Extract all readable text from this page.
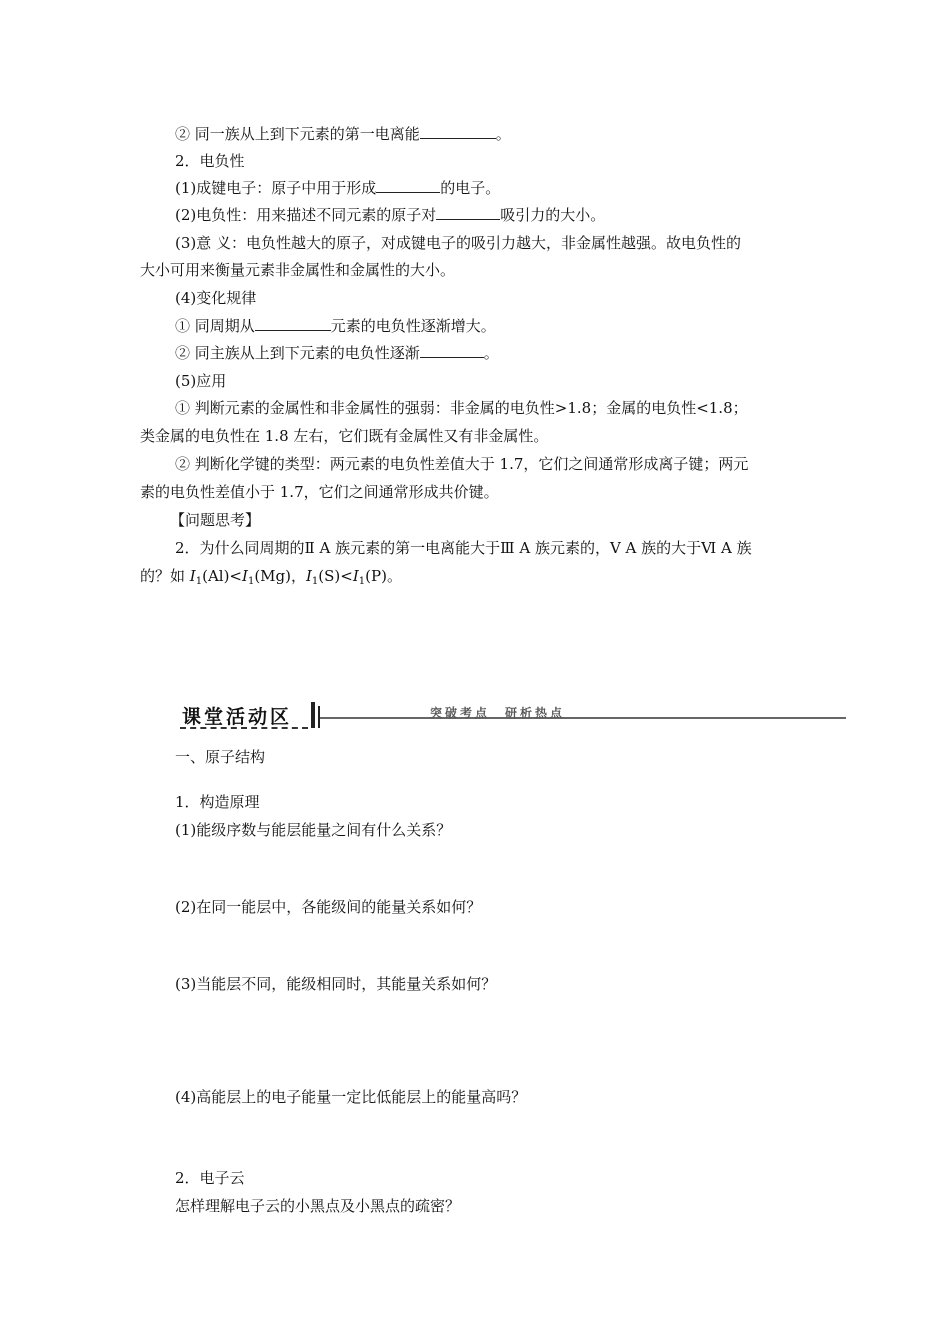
② 同一族从上到下元素的第一电离能	。
2．电负性
(1)成键电子：原子中用于形成	的电子。
(2)电负性：用来描述不同元素的原子对	吸引力的大小。
(3)意 义：电负性越大的原子，对成键电子的吸引力越大，非金属性越强。故电负性的
大小可用来衡量元素非金属性和金属性的大小。
(4)变化规律
① 同周期从	元素的电负性逐渐增大。
② 同主族从上到下元素的电负性逐渐	。
(5)应用
① 判断元素的金属性和非金属性的强弱：非金属的电负性>1.8；金属的电负性<1.8；
类金属的电负性在 1.8 左右，它们既有金属性又有非金属性。
② 判断化学键的类型：两元素的电负性差值大于 1.7，它们之间通常形成离子键；两元
素的电负性差值小于 1.7，它们之间通常形成共价键。
【问题思考】
2．为什么同周期的Ⅱ A 族元素的第一电离能大于Ⅲ A 族元素的，Ⅴ A 族的大于Ⅵ A 族
的？如 $I_1(Al)<I_1(Mg)$，$I_1(S)<I_1(P)$。
课堂活动区	突破考点　研析热点
一、原子结构
1．构造原理
(1)能级序数与能层能量之间有什么关系？
(2)在同一能层中，各能级间的能量关系如何？
(3)当能层不同，能级相同时，其能量关系如何？
(4)高能层上的电子能量一定比低能层上的能量高吗？
2．电子云
怎样理解电子云的小黑点及小黑点的疏密？
